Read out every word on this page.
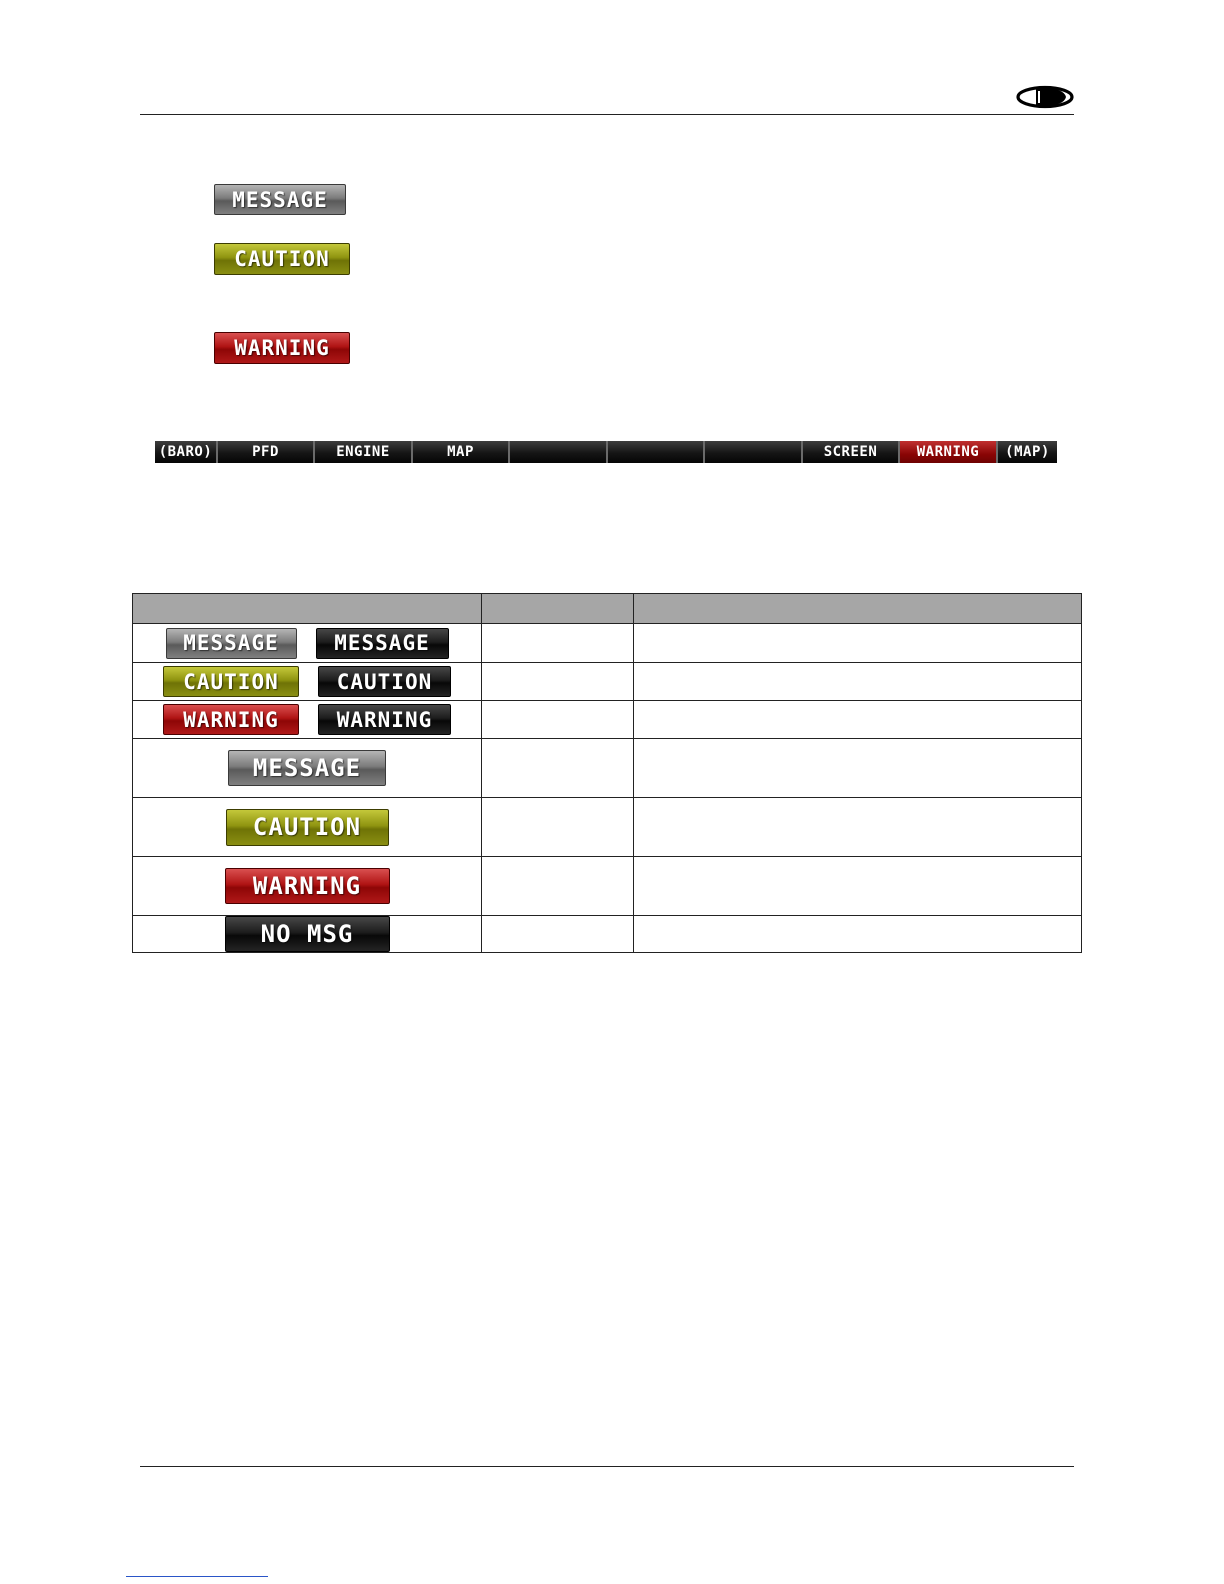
MESSAGE
CAUTION
WARNING
(BARO)	PFD	ENGINE	MAP	SCREEN	WARNING	(MAP)

MESSAGE MESSAGE		

CAUTION CAUTION		

WARNING WARNING		

MESSAGE		

CAUTION		

WARNING		

NO MSG		
